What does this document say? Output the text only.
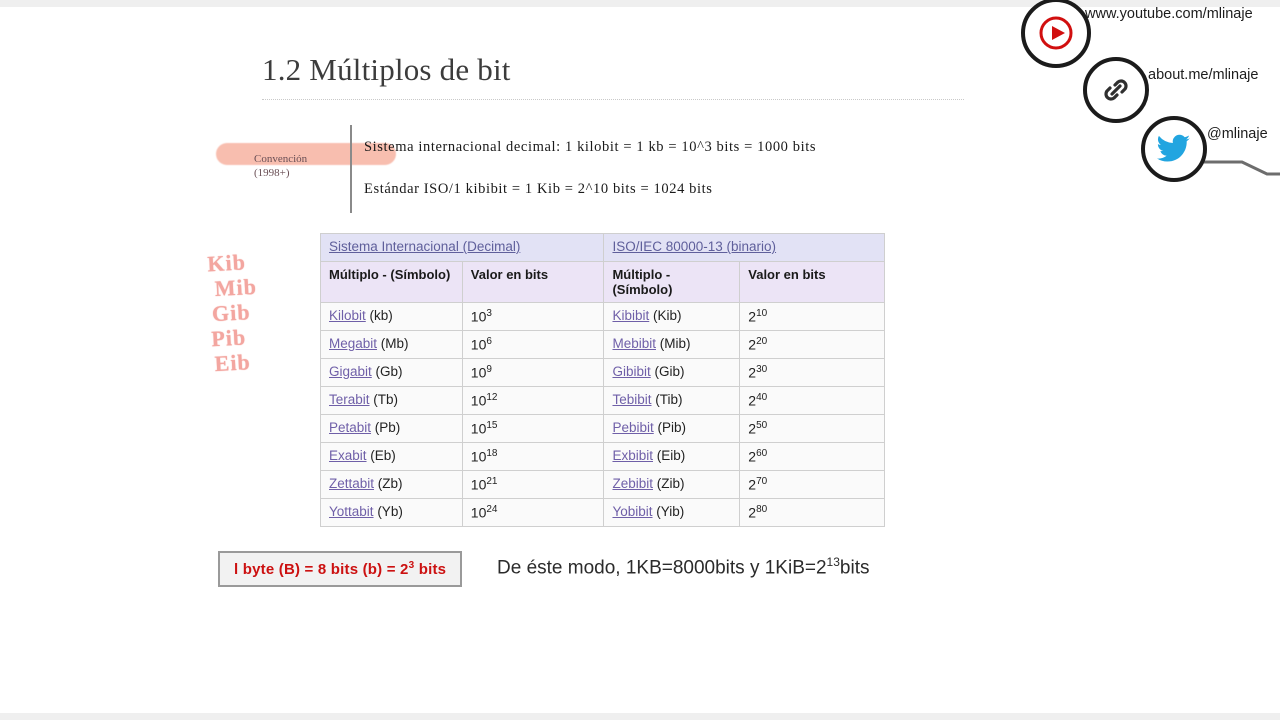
1.2 Múltiplos de bit
Convención
(1998+)
Sistema internacional decimal: 1 kilobit = 1 kb = 10^3 bits = 1000 bits
Estándar ISO/1 kibibit = 1 Kib = 2^10 bits = 1024 bits
Kib
Mib
Gib
Pib
Eib
Sistema Internacional (Decimal)		ISO/IEC 80000-13 (binario)	
Múltiplo - (Símbolo)	Valor en bits	Múltiplo - (Símbolo)	Valor en bits
Kilobit (kb)	$10^3$	Kibibit (Kib)	$2^{10}$
Megabit (Mb)	$10^6$	Mebibit (Mib)	$2^{20}$
Gigabit (Gb)	$10^9$	Gibibit (Gib)	$2^{30}$
Terabit (Tb)	$10^{12}$	Tebibit (Tib)	$2^{40}$
Petabit (Pb)	$10^{15}$	Pebibit (Pib)	$2^{50}$
Exabit (Eb)	$10^{18}$	Exbibit (Eib)	$2^{60}$
Zettabit (Zb)	$10^{21}$	Zebibit (Zib)	$2^{70}$
Yottabit (Yb)	$10^{24}$	Yobibit (Yib)	$2^{80}$
l byte (B) = 8 bits $(b) = 2^3$ bits	De éste modo, 1KB=8000bits y $1KiB=2^{13}bits$
www.youtube.com/mlinaje
about.me/mlinaje
@mlinaje
